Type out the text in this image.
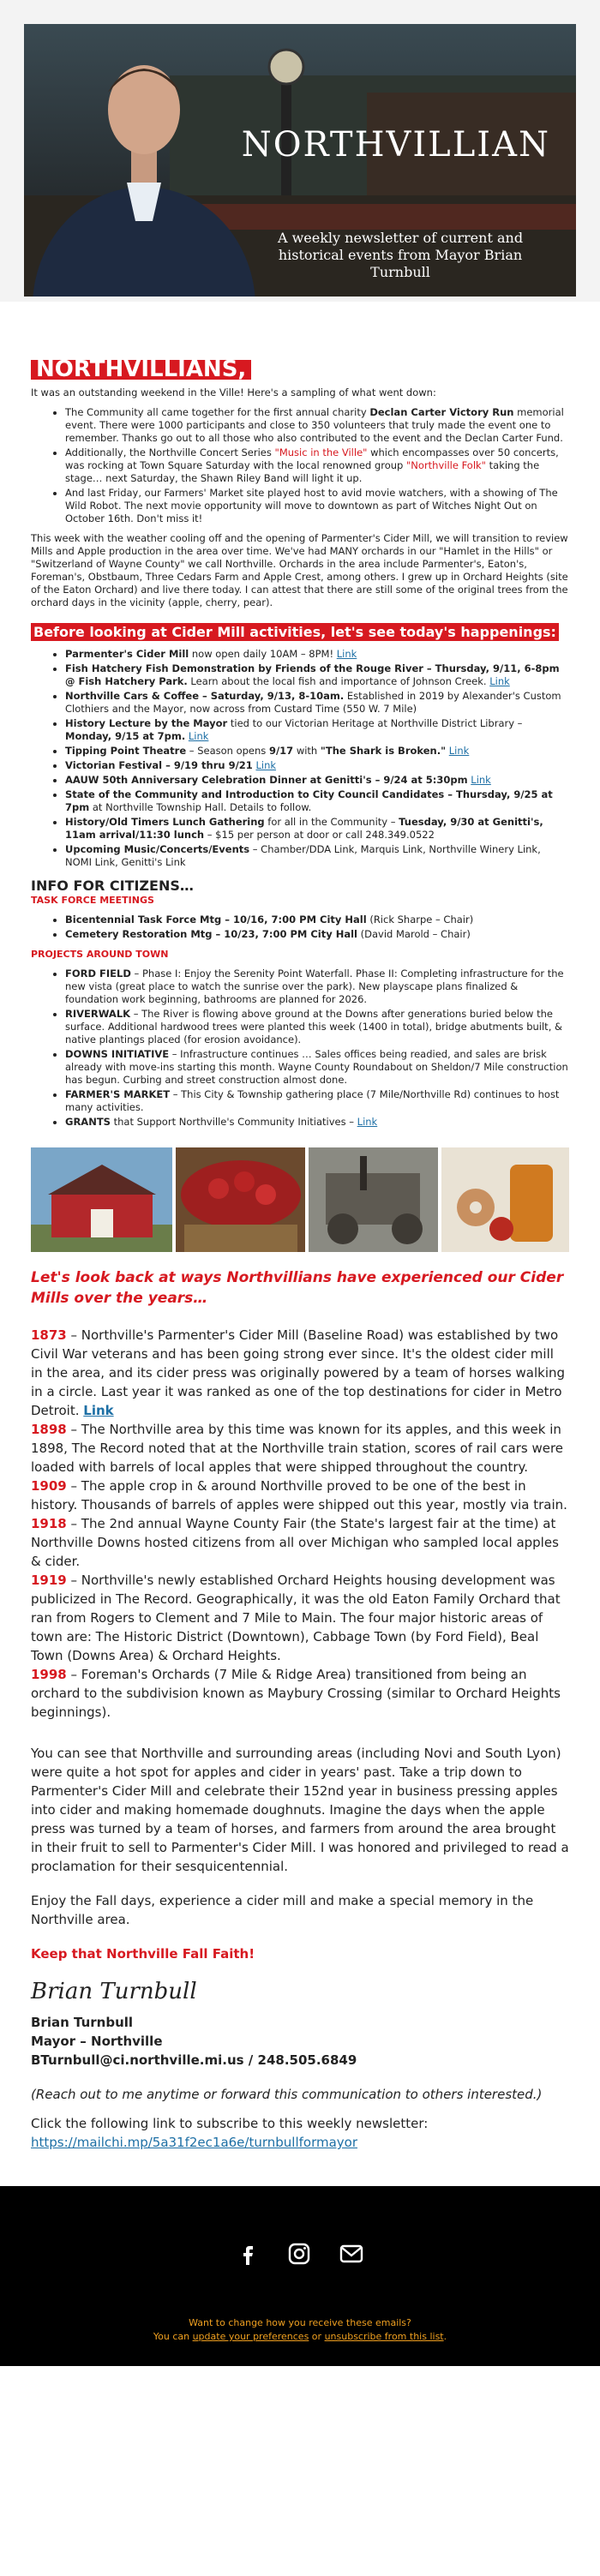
NORTHVILLIAN
A weekly newsletter of current and historical events from Mayor Brian Turnbull
NORTHVILLIANS,

It was an outstanding weekend in the Ville! Here's a sampling of what went down:

• The Community all came together for the first annual charity Declan Carter Victory Run memorial event. There were 1000 participants and close to 350 volunteers that truly made the event one to remember. Thanks go out to all those who also contributed to the event and the Declan Carter Fund.
• Additionally, the Northville Concert Series "Music in the Ville" which encompasses over 50 concerts, was rocking at Town Square Saturday with the local renowned group "Northville Folk" taking the stage… next Saturday, the Shawn Riley Band will light it up.
• And last Friday, our Farmers' Market site played host to avid movie watchers, with a showing of The Wild Robot. The next movie opportunity will move to downtown as part of Witches Night Out on October 16th. Don't miss it!

This week with the weather cooling off and the opening of Parmenter's Cider Mill, we will transition to review Mills and Apple production in the area over time. We've had MANY orchards in our "Hamlet in the Hills" or "Switzerland of Wayne County" we call Northville. Orchards in the area include Parmenter's, Eaton's, Foreman's, Obstbaum, Three Cedars Farm and Apple Crest, among others. I grew up in Orchard Heights (site of the Eaton Orchard) and live there today. I can attest that there are still some of the original trees from the orchard days in the vicinity (apple, cherry, pear).

Before looking at Cider Mill activities, let's see today's happenings:
• Parmenter's Cider Mill now open daily 10AM – 8PM! Link
• Fish Hatchery Fish Demonstration by Friends of the Rouge River – Thursday, 9/11, 6-8pm @ Fish Hatchery Park. Learn about the local fish and importance of Johnson Creek. Link
• Northville Cars & Coffee – Saturday, 9/13, 8-10am. Established in 2019 by Alexander's Custom Clothiers and the Mayor, now across from Custard Time (550 W. 7 Mile)
• History Lecture by the Mayor tied to our Victorian Heritage at Northville District Library – Monday, 9/15 at 7pm. Link
• Tipping Point Theatre – Season opens 9/17 with "The Shark is Broken." Link
• Victorian Festival – 9/19 thru 9/21 Link
• AAUW 50th Anniversary Celebration Dinner at Genitti's – 9/24 at 5:30pm Link
• State of the Community and Introduction to City Council Candidates – Thursday, 9/25 at 7pm at Northville Township Hall. Details to follow.
• History/Old Timers Lunch Gathering for all in the Community – Tuesday, 9/30 at Genitti's, 11am arrival/11:30 lunch – $15 per person at door or call 248.349.0522
• Upcoming Music/Concerts/Events – Chamber/DDA Link, Marquis Link, Northville Winery Link, NOMI Link, Genitti's Link
INFO FOR CITIZENS…
TASK FORCE MEETINGS
• Bicentennial Task Force Mtg – 10/16, 7:00 PM City Hall (Rick Sharpe – Chair)
• Cemetery Restoration Mtg – 10/23, 7:00 PM City Hall (David Marold – Chair)
PROJECTS AROUND TOWN
• FORD FIELD – Phase I: Enjoy the Serenity Point Waterfall. Phase II: Completing infrastructure for the new vista (great place to watch the sunrise over the park). New playscape plans finalized & foundation work beginning, bathrooms are planned for 2026.
• RIVERWALK – The River is flowing above ground at the Downs after generations buried below the surface. Additional hardwood trees were planted this week (1400 in total), bridge abutments built, & native plantings placed (for erosion avoidance).
• DOWNS INITIATIVE – Infrastructure continues … Sales offices being readied, and sales are brisk already with move-ins starting this month. Wayne County Roundabout on Sheldon/7 Mile construction has begun. Curbing and street construction almost done.
• FARMER'S MARKET – This City & Township gathering place (7 Mile/Northville Rd) continues to host many activities.
• GRANTS that Support Northville's Community Initiatives – Link
Let's look back at ways Northvillians have experienced our Cider Mills over the years…
1873 – Northville's Parmenter's Cider Mill (Baseline Road) was established by two Civil War veterans and has been going strong ever since. It's the oldest cider mill in the area, and its cider press was originally powered by a team of horses walking in a circle. Last year it was ranked as one of the top destinations for cider in Metro Detroit. Link
1898 – The Northville area by this time was known for its apples, and this week in 1898, The Record noted that at the Northville train station, scores of rail cars were loaded with barrels of local apples that were shipped throughout the country.
1909 – The apple crop in & around Northville proved to be one of the best in history. Thousands of barrels of apples were shipped out this year, mostly via train.
1918 – The 2nd annual Wayne County Fair (the State's largest fair at the time) at Northville Downs hosted citizens from all over Michigan who sampled local apples & cider.
1919 – Northville's newly established Orchard Heights housing development was publicized in The Record. Geographically, it was the old Eaton Family Orchard that ran from Rogers to Clement and 7 Mile to Main. The four major historic areas of town are: The Historic District (Downtown), Cabbage Town (by Ford Field), Beal Town (Downs Area) & Orchard Heights.
1998 – Foreman's Orchards (7 Mile & Ridge Area) transitioned from being an orchard to the subdivision known as Maybury Crossing (similar to Orchard Heights beginnings).

You can see that Northville and surrounding areas (including Novi and South Lyon) were quite a hot spot for apples and cider in years' past. Take a trip down to Parmenter's Cider Mill and celebrate their 152nd year in business pressing apples into cider and making homemade doughnuts. Imagine the days when the apple press was turned by a team of horses, and farmers from around the area brought in their fruit to sell to Parmenter's Cider Mill. I was honored and privileged to read a proclamation for their sesquicentennial.

Enjoy the Fall days, experience a cider mill and make a special memory in the Northville area.

Keep that Northville Fall Faith!

Brian Turnbull
Brian Turnbull
Mayor – Northville
BTurnbull@ci.northville.mi.us / 248.505.6849

(Reach out to me anytime or forward this communication to others interested.)

Click the following link to subscribe to this weekly newsletter:

https://mailchi.mp/5a31f2ec1a6e/turnbullformayor
Want to change how you receive these emails?
You can update your preferences or unsubscribe from this list.
